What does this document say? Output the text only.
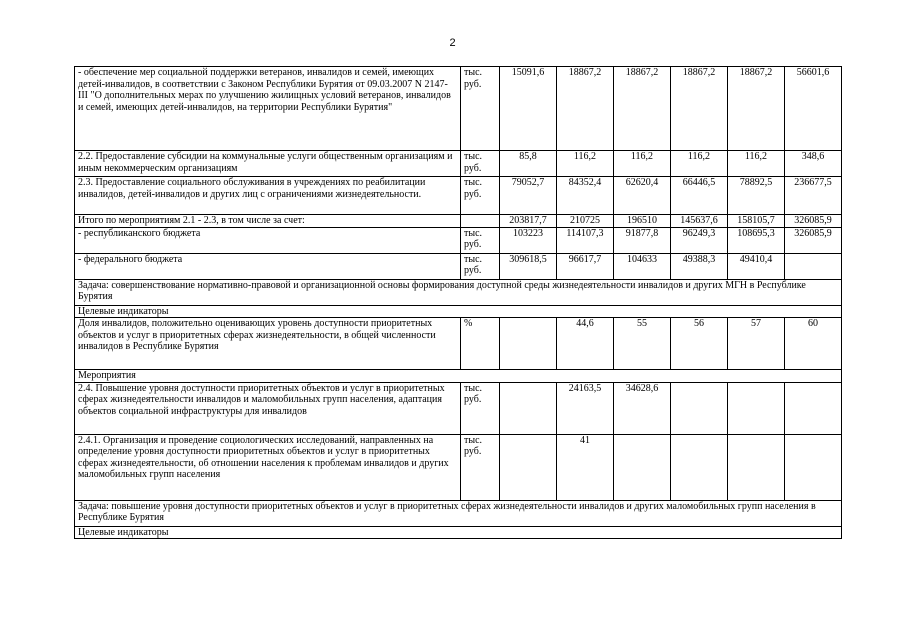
2
- обеспечение мер социальной поддержки ветеранов, инвалидов и семей, имеющих детей-инвалидов, в соответствии с Законом Республики Бурятия от 09.03.2007 N 2147-III "О дополнительных мерах по улучшению жилищных условий ветеранов, инвалидов и семей, имеющих детей-инвалидов, на территории Республики Бурятия"	тыс. руб.	15091,6	18867,2	18867,2	18867,2	18867,2	56601,6
2.2. Предоставление субсидии на коммунальные услуги общественным организациям и иным некоммерческим организациям	тыс. руб.	85,8	116,2	116,2	116,2	116,2	348,6
2.3. Предоставление социального обслуживания в учреждениях по реабилитации инвалидов, детей-инвалидов и других лиц с ограничениями жизнедеятельности.	тыс. руб.	79052,7	84352,4	62620,4	66446,5	78892,5	236677,5
Итого по мероприятиям 2.1 - 2.3, в том числе за счет:		203817,7	210725	196510	145637,6	158105,7	326085,9
- республиканского бюджета	тыс. руб.	103223	114107,3	91877,8	96249,3	108695,3	326085,9
- федерального бюджета	тыс. руб.	309618,5	96617,7	104633	49388,3	49410,4	
Задача: совершенствование нормативно-правовой и организационной основы формирования доступной среды жизнедеятельности инвалидов и других МГН в Республике Бурятия							
Целевые индикаторы							
Доля инвалидов, положительно оценивающих уровень доступности приоритетных объектов и услуг в приоритетных сферах жизнедеятельности, в общей численности инвалидов в Республике Бурятия	%		44,6	55	56	57	60
Мероприятия							
2.4. Повышение уровня доступности приоритетных объектов и услуг в приоритетных сферах жизнедеятельности инвалидов и маломобильных групп населения, адаптация объектов социальной инфраструктуры для инвалидов	тыс. руб.		24163,5	34628,6			
2.4.1. Организация и проведение социологических исследований, направленных на определение уровня доступности приоритетных объектов и услуг в приоритетных сферах жизнедеятельности, об отношении населения к проблемам инвалидов и других маломобильных групп населения	тыс. руб.		41				
Задача: повышение уровня доступности приоритетных объектов и услуг в приоритетных сферах жизнедеятельности инвалидов и других маломобильных групп населения в Республике Бурятия							
Целевые индикаторы							
